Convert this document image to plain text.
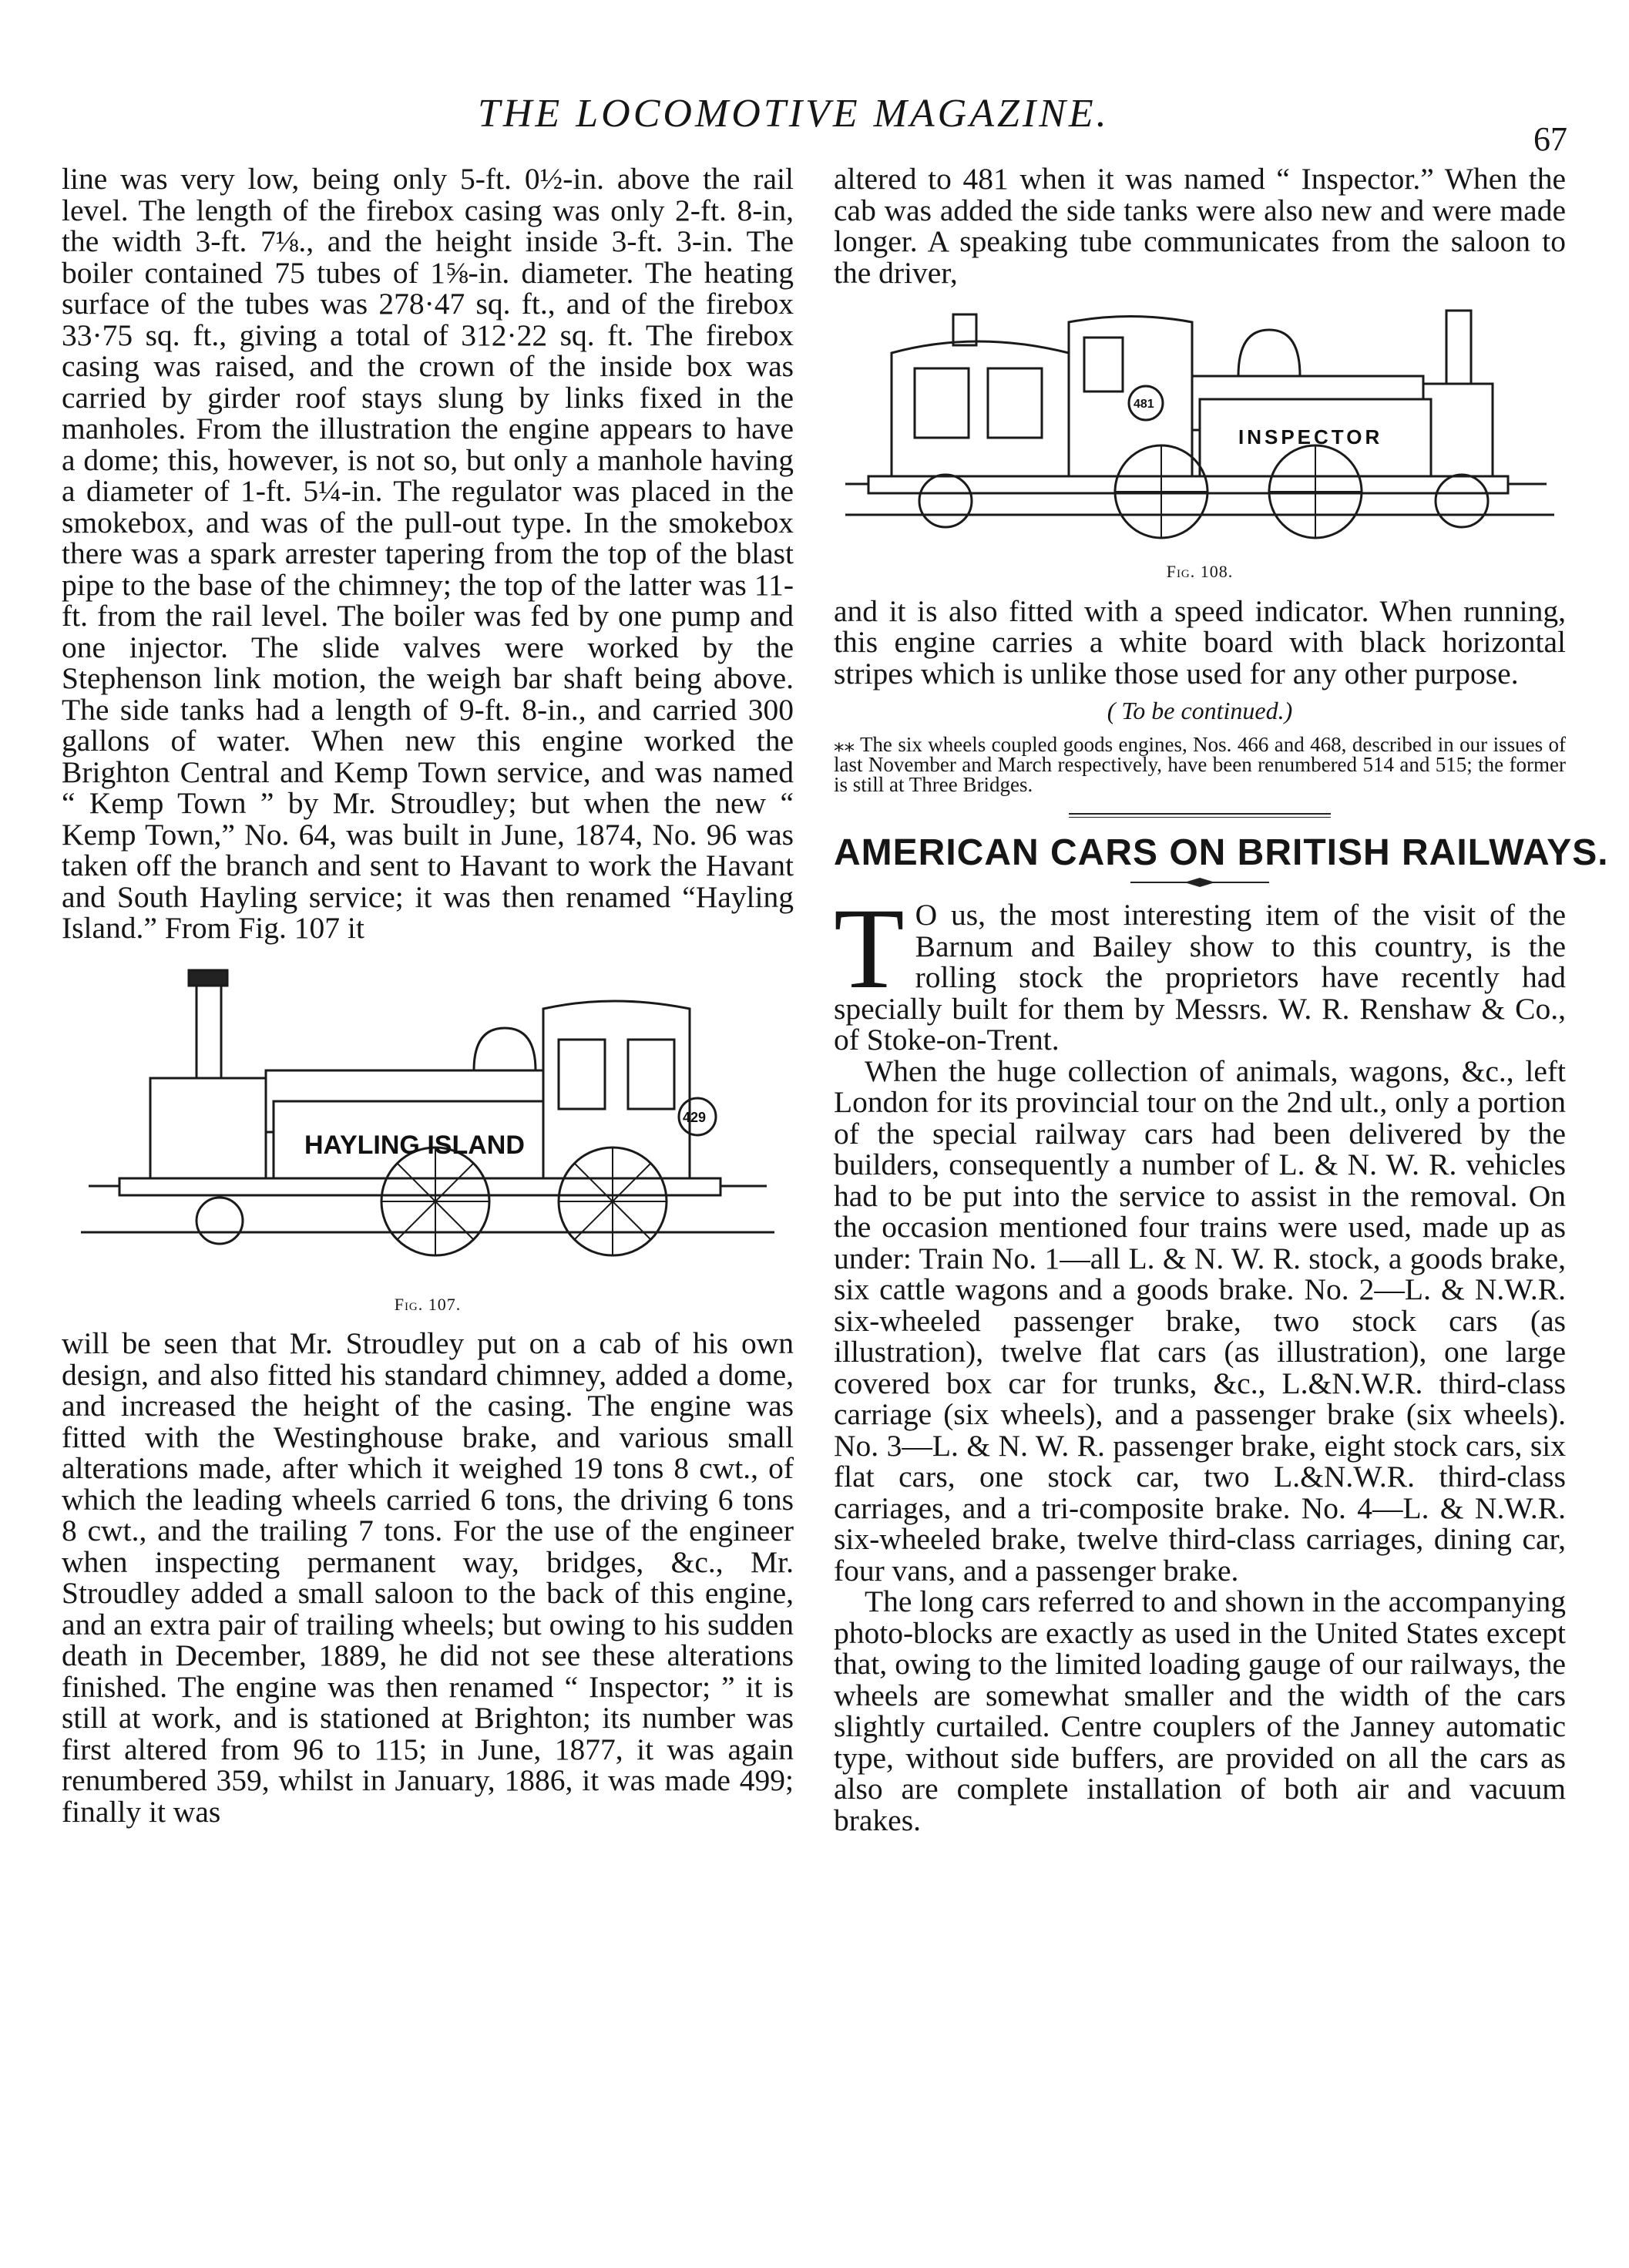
THE LOCOMOTIVE MAGAZINE.
67

line was very low, being only 5-ft. 0½-in. above the rail level. The length of the firebox casing was only 2-ft. 8-in, the width 3-ft. 7⅛., and the height inside 3-ft. 3-in. The boiler contained 75 tubes of 1⅝-in. diameter. The heating surface of the tubes was 278·47 sq. ft., and of the firebox 33·75 sq. ft., giving a total of 312·22 sq. ft. The firebox casing was raised, and the crown of the inside box was carried by girder roof stays slung by links fixed in the manholes. From the illustration the engine appears to have a dome; this, however, is not so, but only a manhole having a diameter of 1-ft. 5¼-in. The regulator was placed in the smokebox, and was of the pull-out type. In the smokebox there was a spark arrester tapering from the top of the blast pipe to the base of the chimney; the top of the latter was 11-ft. from the rail level. The boiler was fed by one pump and one injector. The slide valves were worked by the Stephenson link motion, the weigh bar shaft being above. The side tanks had a length of 9-ft. 8-in., and carried 300 gallons of water. When new this engine worked the Brighton Central and Kemp Town service, and was named “ Kemp Town ” by Mr. Stroudley; but when the new “ Kemp Town,” No. 64, was built in June, 1874, No. 96 was taken off the branch and sent to Havant to work the Havant and South Hayling service; it was then renamed “Hayling Island.” From Fig. 107 it

HAYLING ISLAND
429
Fig. 107.

will be seen that Mr. Stroudley put on a cab of his own design, and also fitted his standard chimney, added a dome, and increased the height of the casing. The engine was fitted with the Westinghouse brake, and various small alterations made, after which it weighed 19 tons 8 cwt., of which the leading wheels carried 6 tons, the driving 6 tons 8 cwt., and the trailing 7 tons. For the use of the engineer when inspecting permanent way, bridges, &c., Mr. Stroudley added a small saloon to the back of this engine, and an extra pair of trailing wheels; but owing to his sudden death in December, 1889, he did not see these alterations finished. The engine was then renamed “ Inspector; ” it is still at work, and is stationed at Brighton; its number was first altered from 96 to 115; in June, 1877, it was again renumbered 359, whilst in January, 1886, it was made 499; finally it was

altered to 481 when it was named “ Inspector.” When the cab was added the side tanks were also new and were made longer. A speaking tube communicates from the saloon to the driver,

INSPECTOR
481
Fig. 108.

and it is also fitted with a speed indicator. When running, this engine carries a white board with black horizontal stripes which is unlike those used for any other purpose.

( To be continued.)

⁎⁎ The six wheels coupled goods engines, Nos. 466 and 468, described in our issues of last November and March respectively, have been renumbered 514 and 515; the former is still at Three Bridges.

AMERICAN CARS ON BRITISH RAILWAYS.

T O us, the most interesting item of the visit of the Barnum and Bailey show to this country, is the rolling stock the proprietors have recently had specially built for them by Messrs. W. R. Renshaw & Co., of Stoke-on-Trent.

When the huge collection of animals, wagons, &c., left London for its provincial tour on the 2nd ult., only a portion of the special railway cars had been delivered by the builders, consequently a number of L. & N. W. R. vehicles had to be put into the service to assist in the removal. On the occasion mentioned four trains were used, made up as under: Train No. 1—all L. & N. W. R. stock, a goods brake, six cattle wagons and a goods brake. No. 2—L. & N.W.R. six-wheeled passenger brake, two stock cars (as illustration), twelve flat cars (as illustration), one large covered box car for trunks, &c., L.&N.W.R. third-class carriage (six wheels), and a passenger brake (six wheels). No. 3—L. & N. W. R. passenger brake, eight stock cars, six flat cars, one stock car, two L.&N.W.R. third-class carriages, and a tri-composite brake. No. 4—L. & N.W.R. six-wheeled brake, twelve third-class carriages, dining car, four vans, and a passenger brake.

The long cars referred to and shown in the accompanying photo-blocks are exactly as used in the United States except that, owing to the limited loading gauge of our railways, the wheels are somewhat smaller and the width of the cars slightly curtailed. Centre couplers of the Janney automatic type, without side buffers, are provided on all the cars as also are complete installation of both air and vacuum brakes.
